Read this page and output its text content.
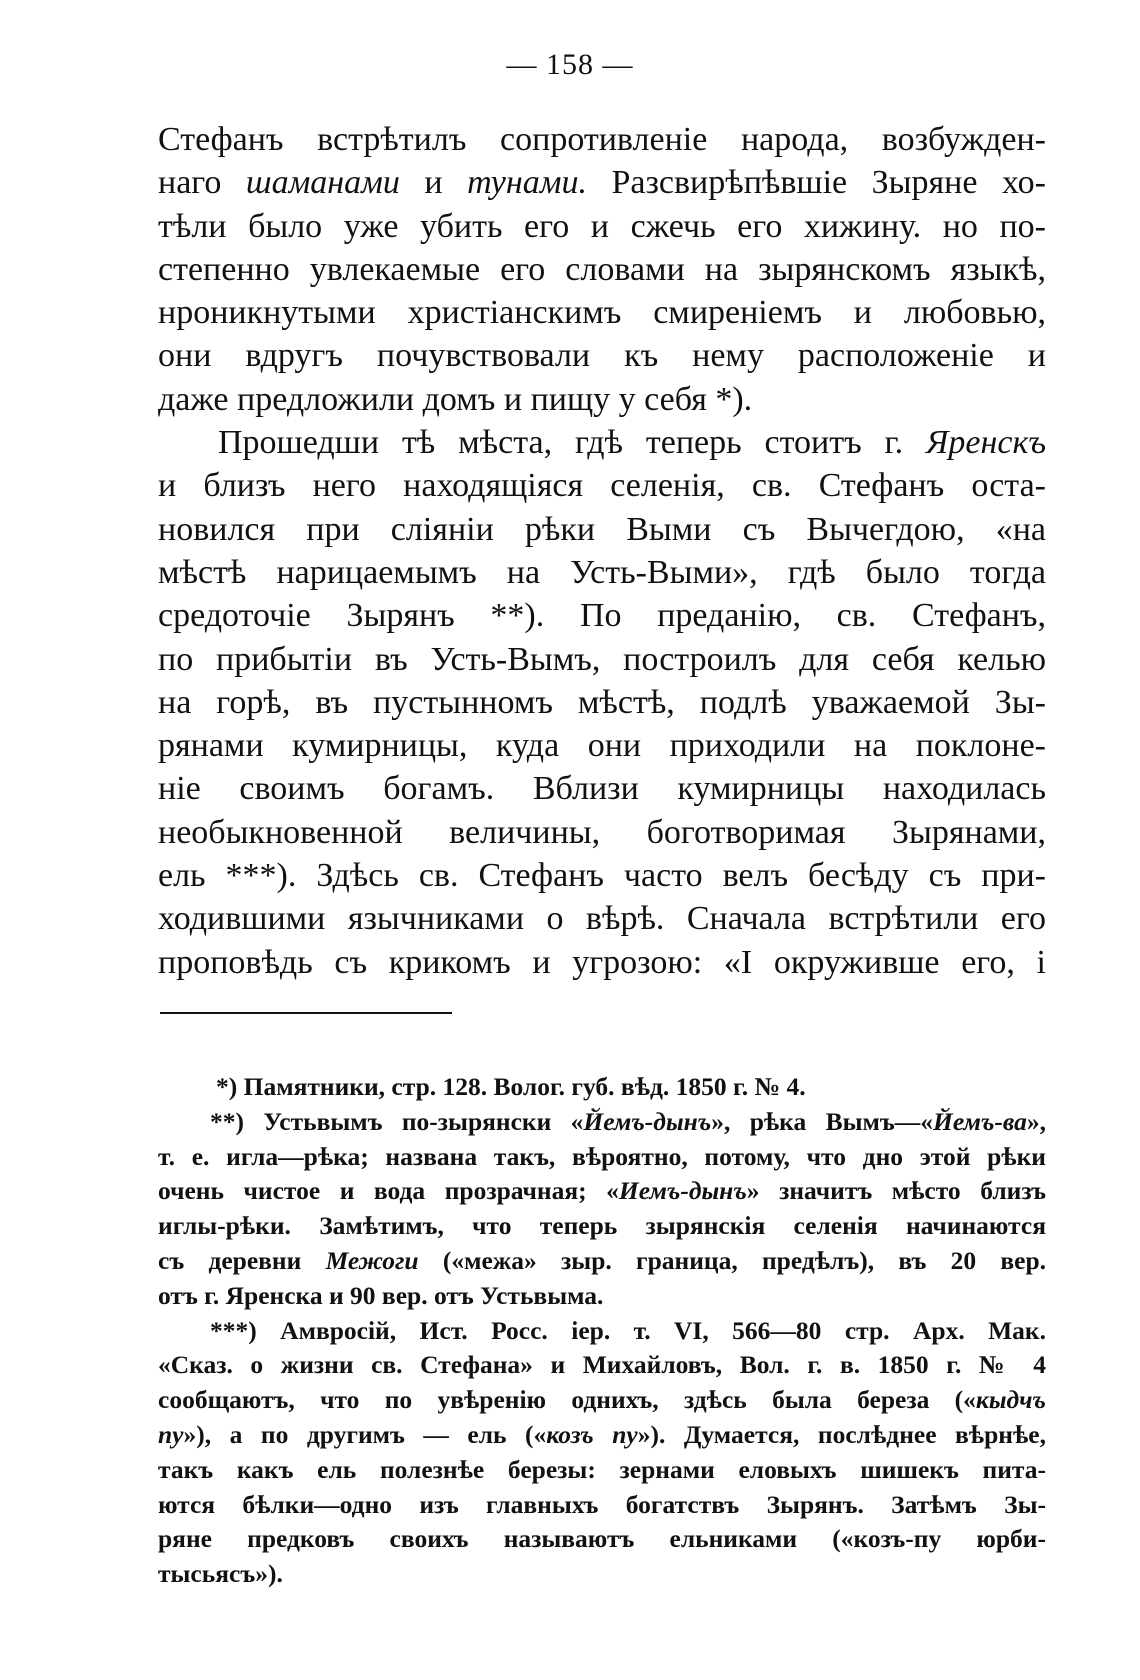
— 158 —
Стефанъ встрѣтилъ сопротивленіе народа, возбужден-
наго шаманами и тунами. Разсвирѣпѣвшіе Зыряне хо-
тѣли было уже убить его и сжечь его хижину. но по-
степенно увлекаемые его словами на зырянскомъ языкѣ,
нроникнутыми христіанскимъ смиреніемъ и любовью,
они вдругъ почувствовали къ нему расположеніе и
даже предложили домъ и пищу у себя *).
Прошедши тѣ мѣста, гдѣ теперь стоитъ г. Яренскъ
и близъ него находящіяся селенія, св. Стефанъ оста-
новился при сліяніи рѣки Выми съ Вычегдою, «на
мѣстѣ нарицаемымъ на Усть-Выми», гдѣ было тогда
средоточіе Зырянъ **). По преданію, св. Стефанъ,
по прибытіи въ Усть-Вымъ, построилъ для себя келью
на горѣ, въ пустынномъ мѣстѣ, подлѣ уважаемой Зы-
рянами кумирницы, куда они приходили на поклоне-
ніе своимъ богамъ. Вблизи кумирницы находилась
необыкновенной величины, боготворимая Зырянами,
ель ***). Здѣсь св. Стефанъ часто велъ бесѣду съ при-
ходившими язычниками о вѣрѣ. Сначала встрѣтили его
проповѣдь съ крикомъ и угрозою: «І окруживше его, і
*) Памятники, стр. 128. Волог. губ. вѣд. 1850 г. № 4.
**) Устьвымъ по-зырянски «Йемъ-дынъ», рѣка Вымъ—«Йемъ-ва»,
т. е. игла—рѣка; названа такъ, вѣроятно, потому, что дно этой рѣки
очень чистое и вода прозрачная; «Иемъ-дынъ» значитъ мѣсто близъ
иглы-рѣки. Замѣтимъ, что теперь зырянскія селенія начинаются
съ деревни Межоги («межа» зыр. граница, предѣлъ), въ 20 вер.
отъ г. Яренска и 90 вер. отъ Устьвыма.
***) Амвросій, Ист. Росс. іер. т. VI, 566—80 стр. Арх. Мак.
«Сказ. о жизни св. Стефана» и Михайловъ, Вол. г. в. 1850 г. № 4
сообщаютъ, что по увѣренію однихъ, здѣсь была береза («кыдчъ
пу»), а по другимъ — ель («козъ пу»). Думается, послѣднее вѣрнѣе,
такъ какъ ель полезнѣе березы: зернами еловыхъ шишекъ пита-
ются бѣлки—одно изъ главныхъ богатствъ Зырянъ. Затѣмъ Зы-
ряне предковъ своихъ называютъ ельниками («козъ-пу юрби-
тысьясъ»).
